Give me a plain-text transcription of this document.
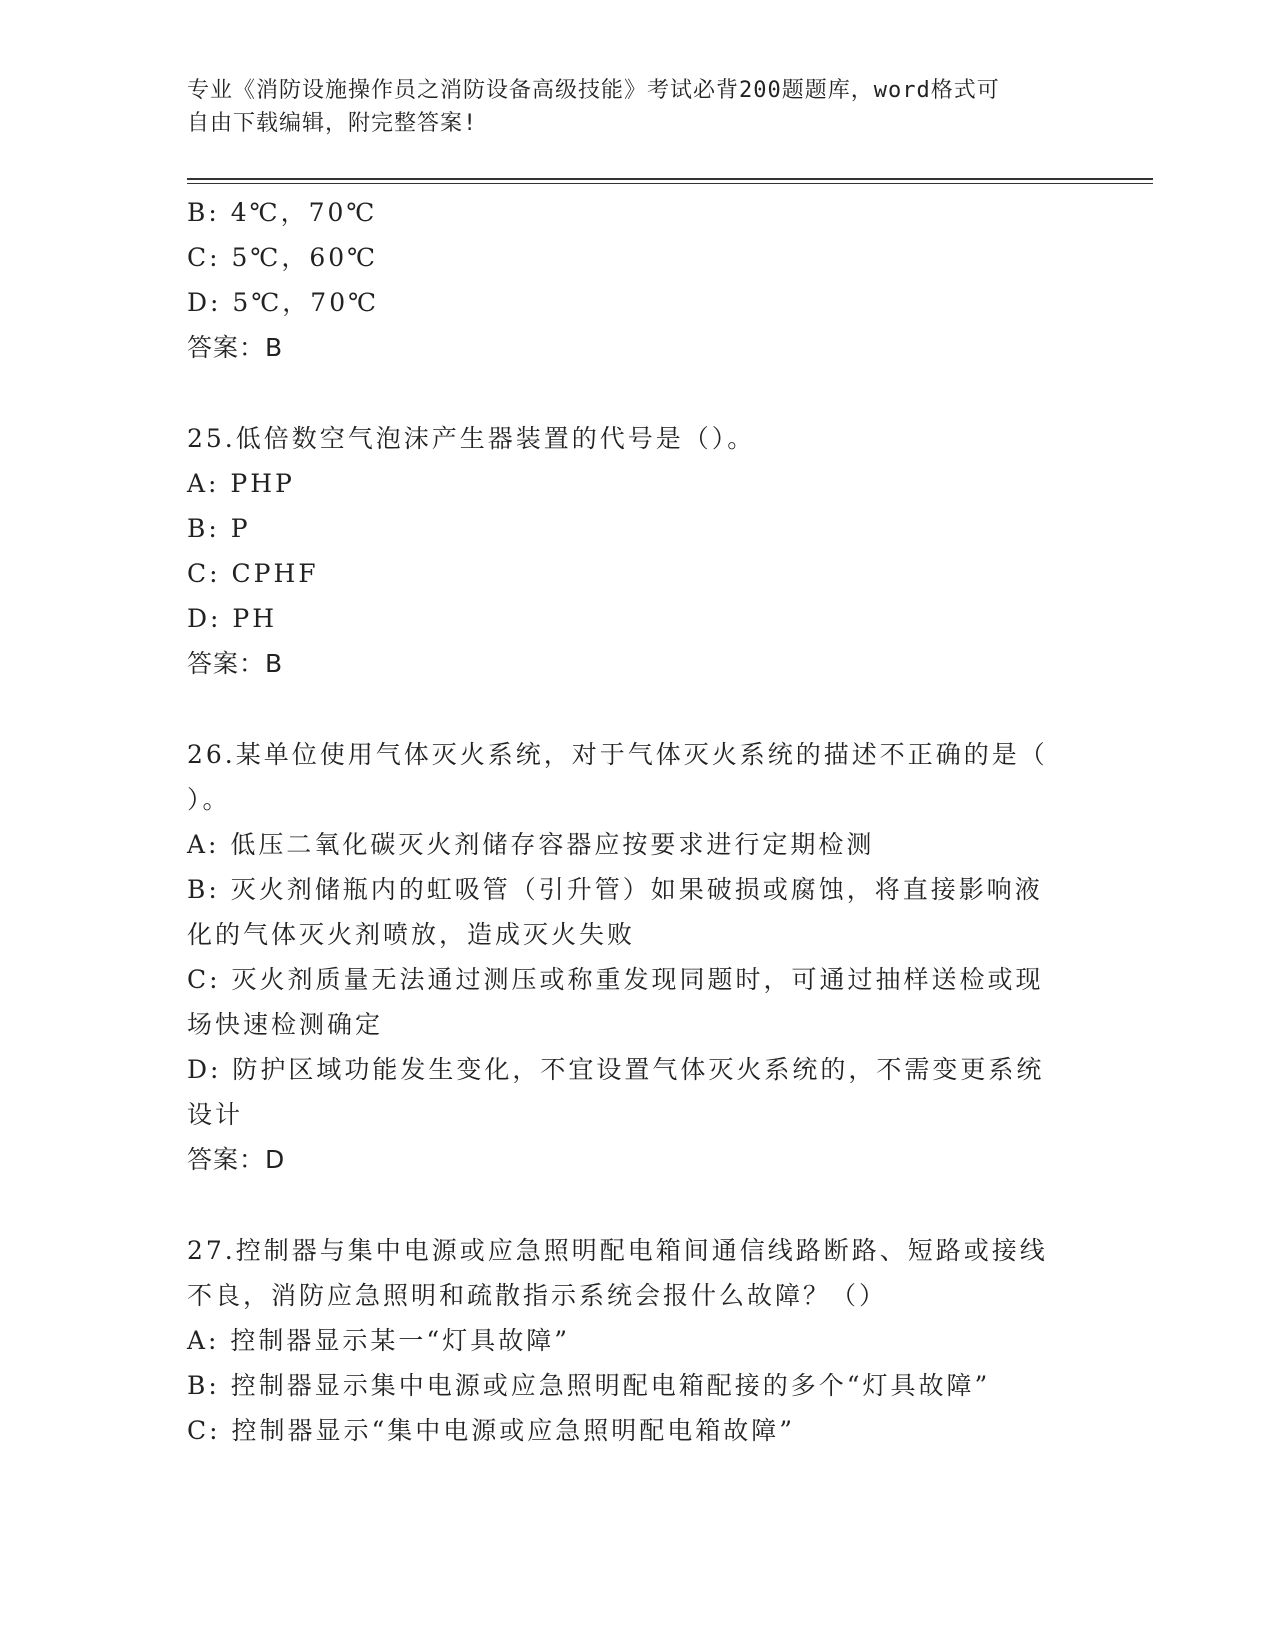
专业《消防设施操作员之消防设备高级技能》考试必背200题题库，word格式可
自由下载编辑，附完整答案!
B: 4℃，70℃
C: 5℃，60℃
D: 5℃，70℃
答案：B
25.低倍数空气泡沫产生器装置的代号是（）。
A: PHP
B: P
C: CPHF
D: PH
答案：B
26.某单位使用气体灭火系统，对于气体灭火系统的描述不正确的是（
）。
A: 低压二氧化碳灭火剂储存容器应按要求进行定期检测
B: 灭火剂储瓶内的虹吸管（引升管）如果破损或腐蚀，将直接影响液
化的气体灭火剂喷放，造成灭火失败
C: 灭火剂质量无法通过测压或称重发现同题时，可通过抽样送检或现
场快速检测确定
D: 防护区域功能发生变化，不宜设置气体灭火系统的，不需变更系统
设计
答案：D
27.控制器与集中电源或应急照明配电箱间通信线路断路、短路或接线
不良，消防应急照明和疏散指示系统会报什么故障？（）
A: 控制器显示某一“灯具故障”
B: 控制器显示集中电源或应急照明配电箱配接的多个“灯具故障”
C: 控制器显示“集中电源或应急照明配电箱故障”
